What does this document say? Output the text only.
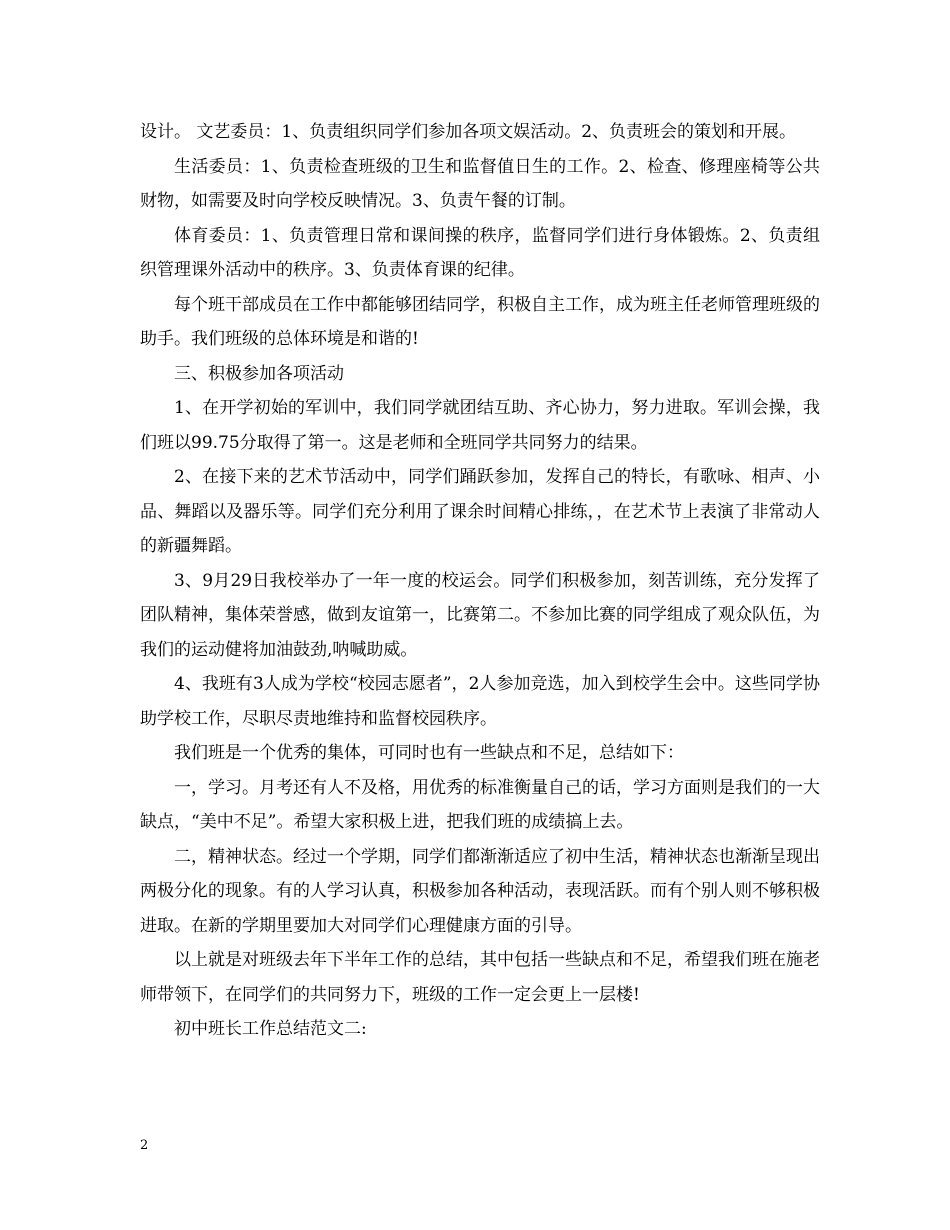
设计。 文艺委员：1、负责组织同学们参加各项文娱活动。2、负责班会的策划和开展。

生活委员：1、负责检查班级的卫生和监督值日生的工作。2、检查、修理座椅等公共财物，如需要及时向学校反映情况。3、负责午餐的订制。

体育委员：1、负责管理日常和课间操的秩序，监督同学们进行身体锻炼。2、负责组织管理课外活动中的秩序。3、负责体育课的纪律。

每个班干部成员在工作中都能够团结同学，积极自主工作，成为班主任老师管理班级的助手。我们班级的总体环境是和谐的!

三、积极参加各项活动

1、在开学初始的军训中，我们同学就团结互助、齐心协力，努力进取。军训会操，我们班以99.75分取得了第一。这是老师和全班同学共同努力的结果。

2、在接下来的艺术节活动中，同学们踊跃参加，发挥自己的特长，有歌咏、相声、小品、舞蹈以及器乐等。同学们充分利用了课余时间精心排练，，在艺术节上表演了非常动人的新疆舞蹈。

3、9月29日我校举办了一年一度的校运会。同学们积极参加，刻苦训练，充分发挥了团队精神，集体荣誉感，做到友谊第一，比赛第二。不参加比赛的同学组成了观众队伍，为我们的运动健将加油鼓劲,呐喊助威。

4、我班有3人成为学校“校园志愿者”，2人参加竞选，加入到校学生会中。这些同学协助学校工作，尽职尽责地维持和监督校园秩序。

我们班是一个优秀的集体，可同时也有一些缺点和不足，总结如下：

一，学习。月考还有人不及格，用优秀的标准衡量自己的话，学习方面则是我们的一大缺点，“美中不足”。希望大家积极上进，把我们班的成绩搞上去。

二，精神状态。经过一个学期，同学们都渐渐适应了初中生活，精神状态也渐渐呈现出两极分化的现象。有的人学习认真，积极参加各种活动，表现活跃。而有个别人则不够积极进取。在新的学期里要加大对同学们心理健康方面的引导。

以上就是对班级去年下半年工作的总结，其中包括一些缺点和不足，希望我们班在施老师带领下，在同学们的共同努力下，班级的工作一定会更上一层楼!

初中班长工作总结范文二:

2
